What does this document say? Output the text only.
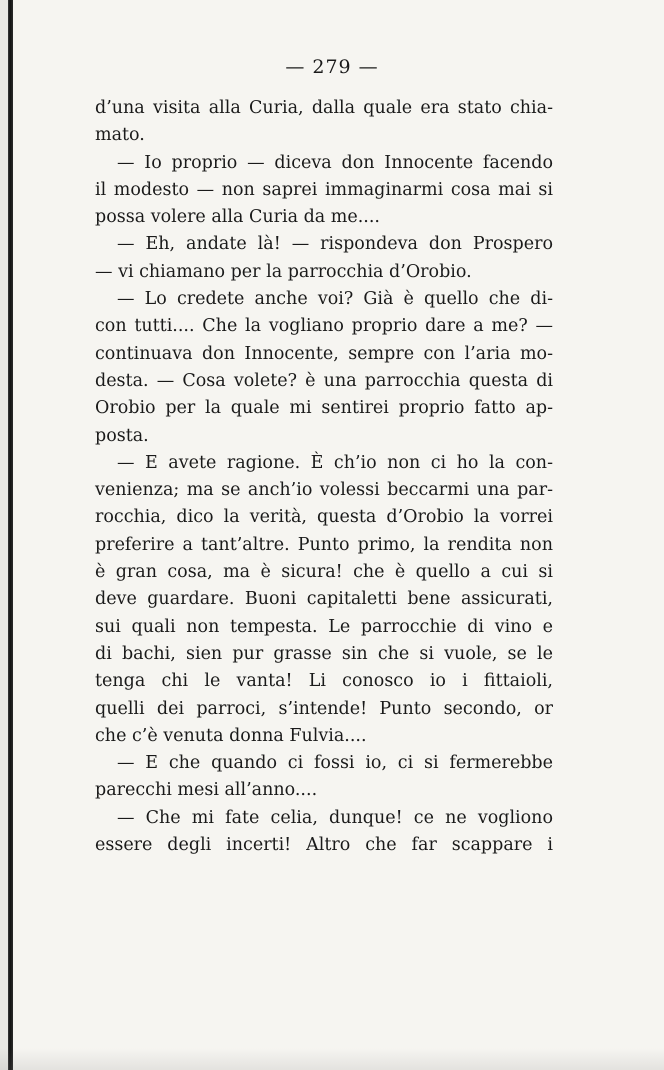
— 279 —
d’una visita alla Curia, dalla quale era stato chia-
mato.
— Io proprio — diceva don Innocente facendo
il modesto — non saprei immaginarmi cosa mai si
possa volere alla Curia da me....
— Eh, andate là! — rispondeva don Prospero
— vi chiamano per la parrocchia d’Orobio.
— Lo credete anche voi? Già è quello che di-
con tutti.... Che la vogliano proprio dare a me? —
continuava don Innocente, sempre con l’aria mo-
desta. — Cosa volete? è una parrocchia questa di
Orobio per la quale mi sentirei proprio fatto ap-
posta.
— E avete ragione. È ch’io non ci ho la con-
venienza; ma se anch’io volessi beccarmi una par-
rocchia, dico la verità, questa d’Orobio la vorrei
preferire a tant’altre. Punto primo, la rendita non
è gran cosa, ma è sicura! che è quello a cui si
deve guardare. Buoni capitaletti bene assicurati,
sui quali non tempesta. Le parrocchie di vino e
di bachi, sien pur grasse sin che si vuole, se le
tenga chi le vanta! Li conosco io i fittaioli,
quelli dei parroci, s’intende! Punto secondo, or
che c’è venuta donna Fulvia....
— E che quando ci fossi io, ci si fermerebbe
parecchi mesi all’anno....
— Che mi fate celia, dunque! ce ne vogliono
essere degli incerti! Altro che far scappare i
